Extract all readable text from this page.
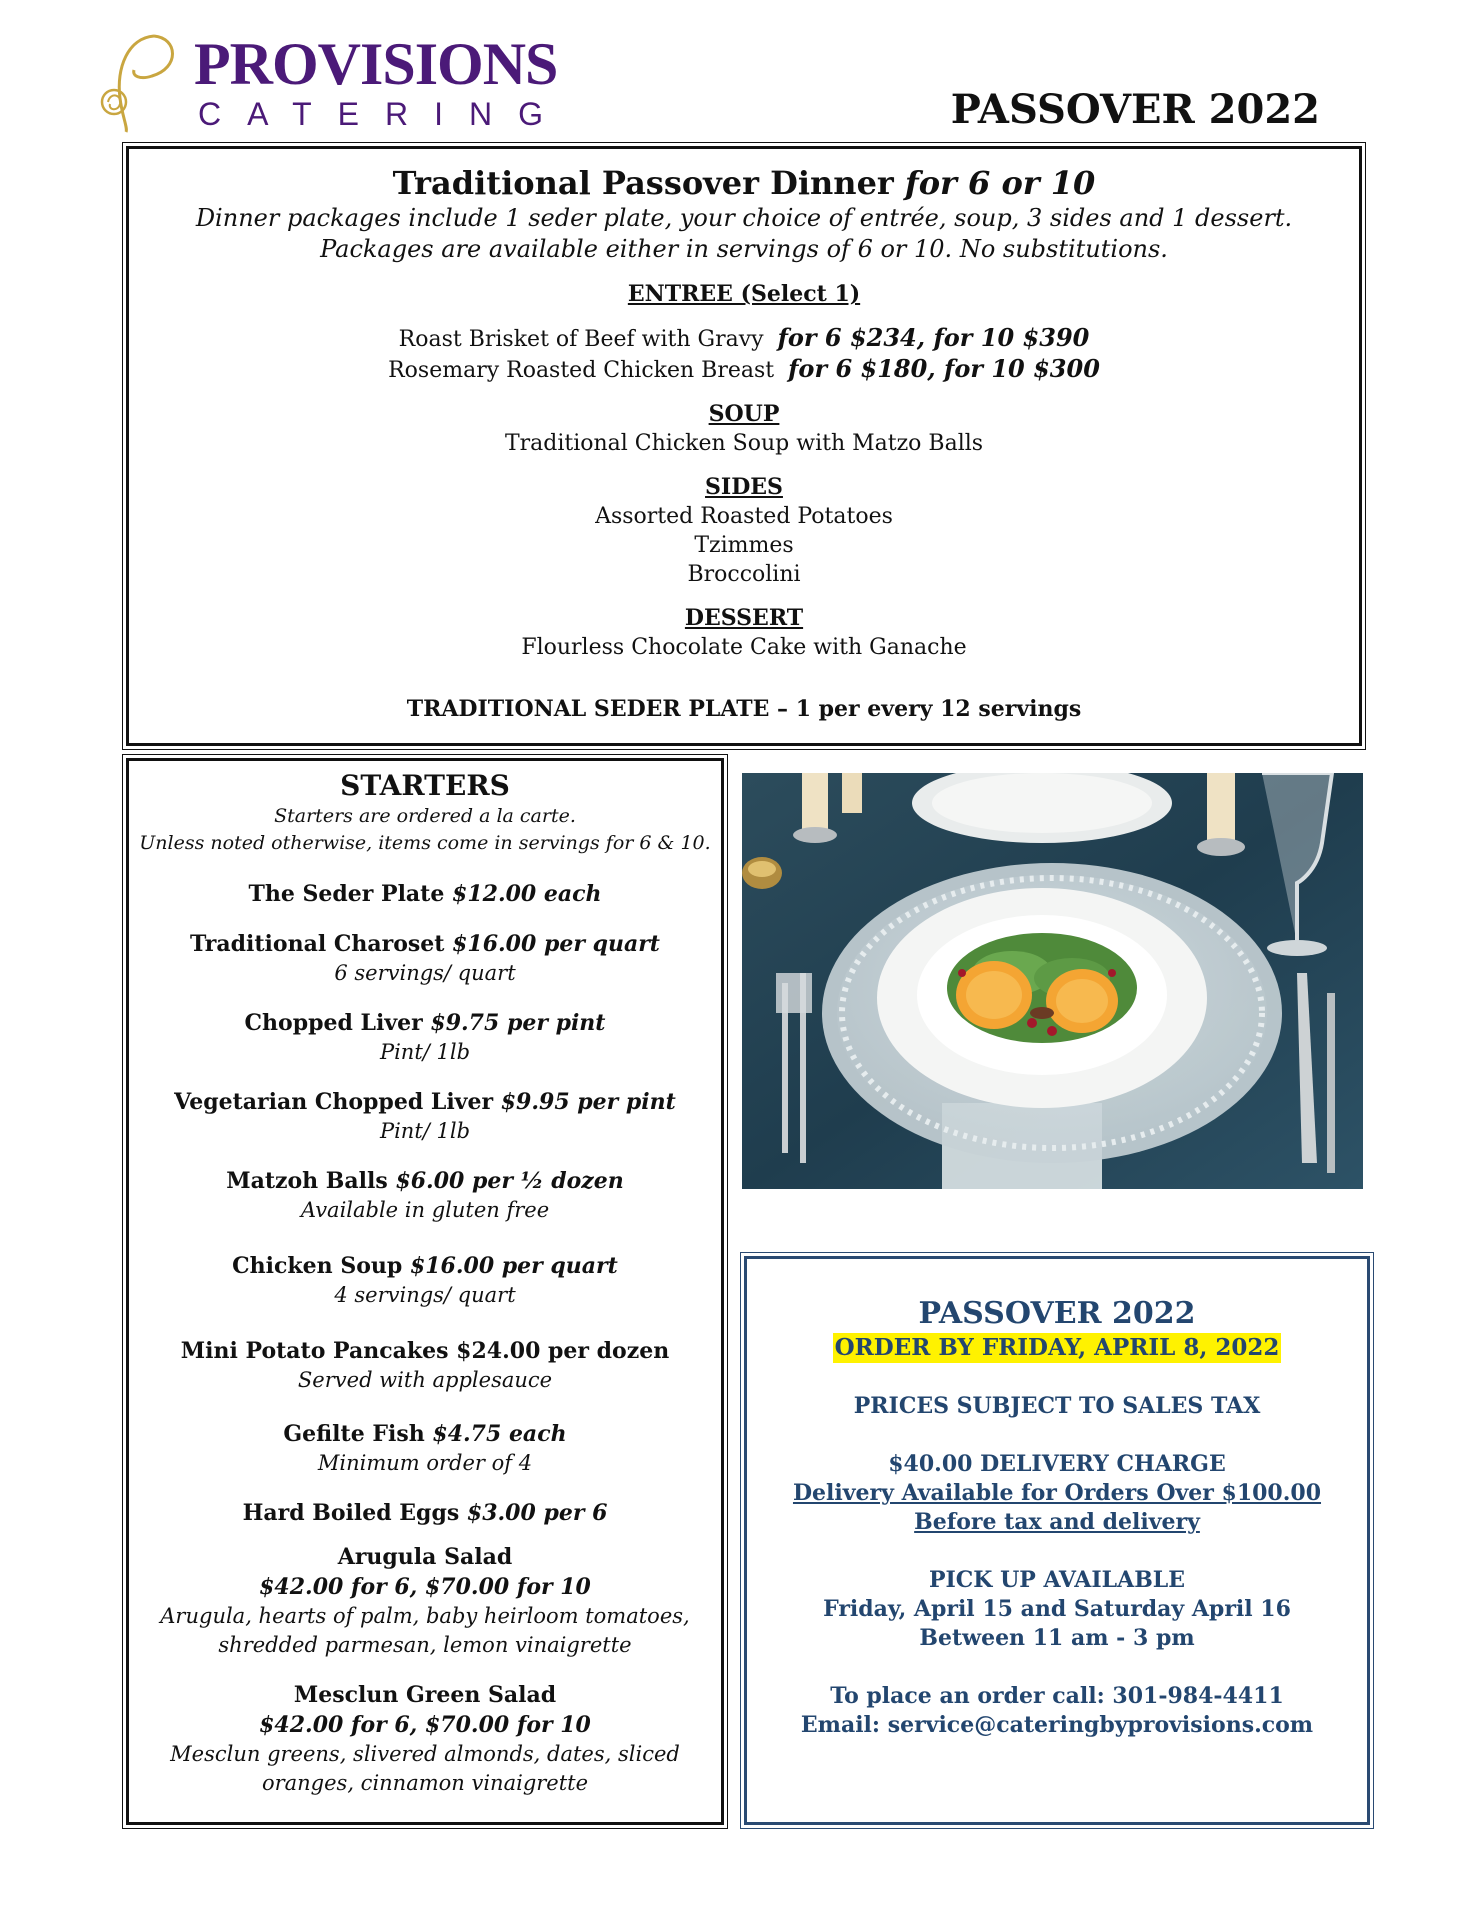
PROVISIONS
CATERING	PASSOVER 2022
Traditional Passover Dinner for 6 or 10
Dinner packages include 1 seder plate, your choice of entrée, soup, 3 sides and 1 dessert.
Packages are available either in servings of 6 or 10. No substitutions.
ENTREE (Select 1)
Roast Brisket of Beef with Gravy for 6 $234, for 10 $390
Rosemary Roasted Chicken Breast for 6 $180, for 10 $300
SOUP
Traditional Chicken Soup with Matzo Balls
SIDES
Assorted Roasted Potatoes
Tzimmes
Broccolini
DESSERT
Flourless Chocolate Cake with Ganache
TRADITIONAL SEDER PLATE – 1 per every 12 servings
STARTERS
Starters are ordered a la carte.
Unless noted otherwise, items come in servings for 6 & 10.
The Seder Plate $12.00 each
Traditional Charoset $16.00 per quart
6 servings/ quart
Chopped Liver $9.75 per pint
Pint/ 1lb
Vegetarian Chopped Liver $9.95 per pint
Pint/ 1lb
Matzoh Balls $6.00 per ½ dozen
Available in gluten free
Chicken Soup $16.00 per quart
4 servings/ quart
Mini Potato Pancakes $24.00 per dozen
Served with applesauce
Gefilte Fish $4.75 each
Minimum order of 4
Hard Boiled Eggs $3.00 per 6
Arugula Salad
$42.00 for 6, $70.00 for 10
Arugula, hearts of palm, baby heirloom tomatoes,
shredded parmesan, lemon vinaigrette
Mesclun Green Salad
$42.00 for 6, $70.00 for 10
Mesclun greens, slivered almonds, dates, sliced
oranges, cinnamon vinaigrette
PASSOVER 2022
ORDER BY FRIDAY, APRIL 8, 2022
PRICES SUBJECT TO SALES TAX
$40.00 DELIVERY CHARGE
Delivery Available for Orders Over $100.00
Before tax and delivery
PICK UP AVAILABLE
Friday, April 15 and Saturday April 16
Between 11 am - 3 pm
To place an order call: 301-984-4411
Email: service@cateringbyprovisions.com
